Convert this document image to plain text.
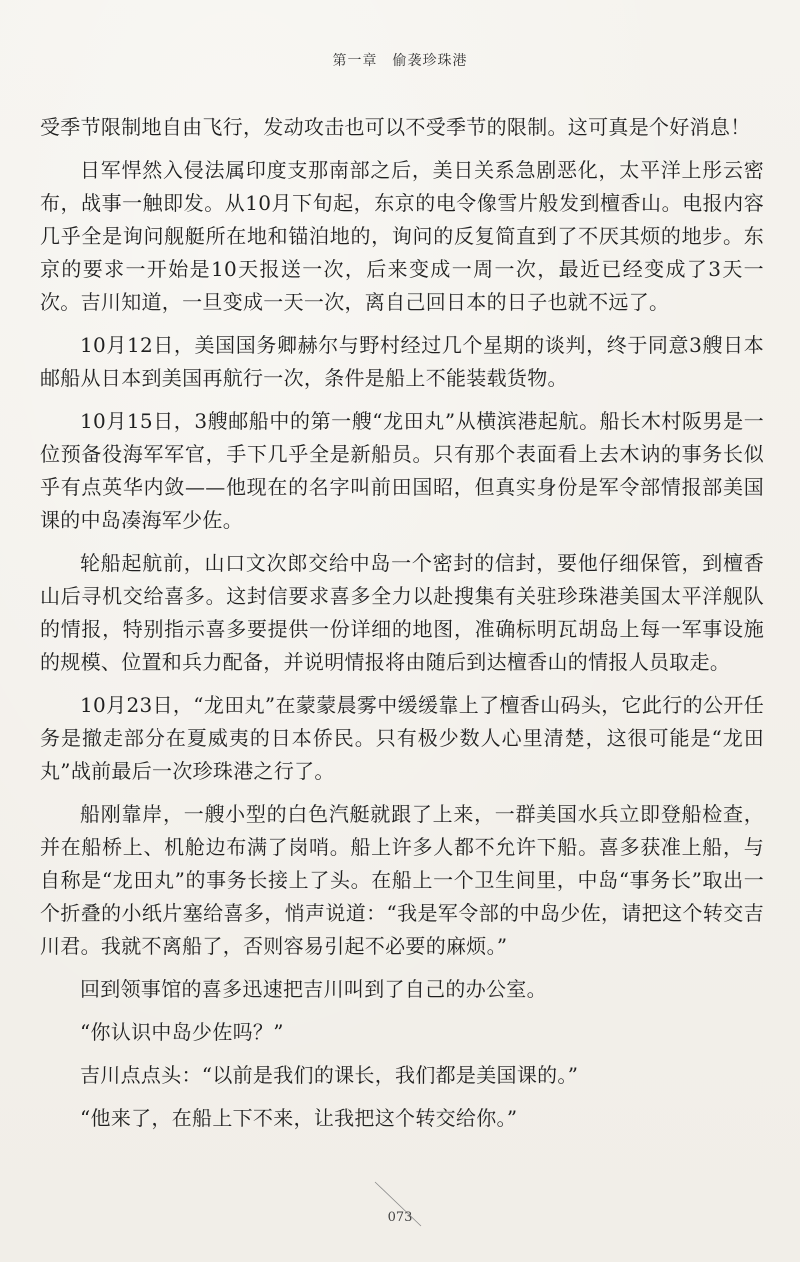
第一章　偷袭珍珠港

受季节限制地自由飞行，发动攻击也可以不受季节的限制。这可真是个好消息！

日军悍然入侵法属印度支那南部之后，美日关系急剧恶化，太平洋上彤云密布，战事一触即发。从10月下旬起，东京的电令像雪片般发到檀香山。电报内容几乎全是询问舰艇所在地和锚泊地的，询问的反复简直到了不厌其烦的地步。东京的要求一开始是10天报送一次，后来变成一周一次，最近已经变成了3天一次。吉川知道，一旦变成一天一次，离自己回日本的日子也就不远了。

10月12日，美国国务卿赫尔与野村经过几个星期的谈判，终于同意3艘日本邮船从日本到美国再航行一次，条件是船上不能装载货物。

10月15日，3艘邮船中的第一艘“龙田丸”从横滨港起航。船长木村阪男是一位预备役海军军官，手下几乎全是新船员。只有那个表面看上去木讷的事务长似乎有点英华内敛——他现在的名字叫前田国昭，但真实身份是军令部情报部美国课的中岛凑海军少佐。

轮船起航前，山口文次郎交给中岛一个密封的信封，要他仔细保管，到檀香山后寻机交给喜多。这封信要求喜多全力以赴搜集有关驻珍珠港美国太平洋舰队的情报，特别指示喜多要提供一份详细的地图，准确标明瓦胡岛上每一军事设施的规模、位置和兵力配备，并说明情报将由随后到达檀香山的情报人员取走。

10月23日，“龙田丸”在蒙蒙晨雾中缓缓靠上了檀香山码头，它此行的公开任务是撤走部分在夏威夷的日本侨民。只有极少数人心里清楚，这很可能是“龙田丸”战前最后一次珍珠港之行了。

船刚靠岸，一艘小型的白色汽艇就跟了上来，一群美国水兵立即登船检查，并在船桥上、机舱边布满了岗哨。船上许多人都不允许下船。喜多获准上船，与自称是“龙田丸”的事务长接上了头。在船上一个卫生间里，中岛“事务长”取出一个折叠的小纸片塞给喜多，悄声说道：“我是军令部的中岛少佐，请把这个转交吉川君。我就不离船了，否则容易引起不必要的麻烦。”

回到领事馆的喜多迅速把吉川叫到了自己的办公室。

“你认识中岛少佐吗？”

吉川点点头：“以前是我们的课长，我们都是美国课的。”

“他来了，在船上下不来，让我把这个转交给你。”

073
